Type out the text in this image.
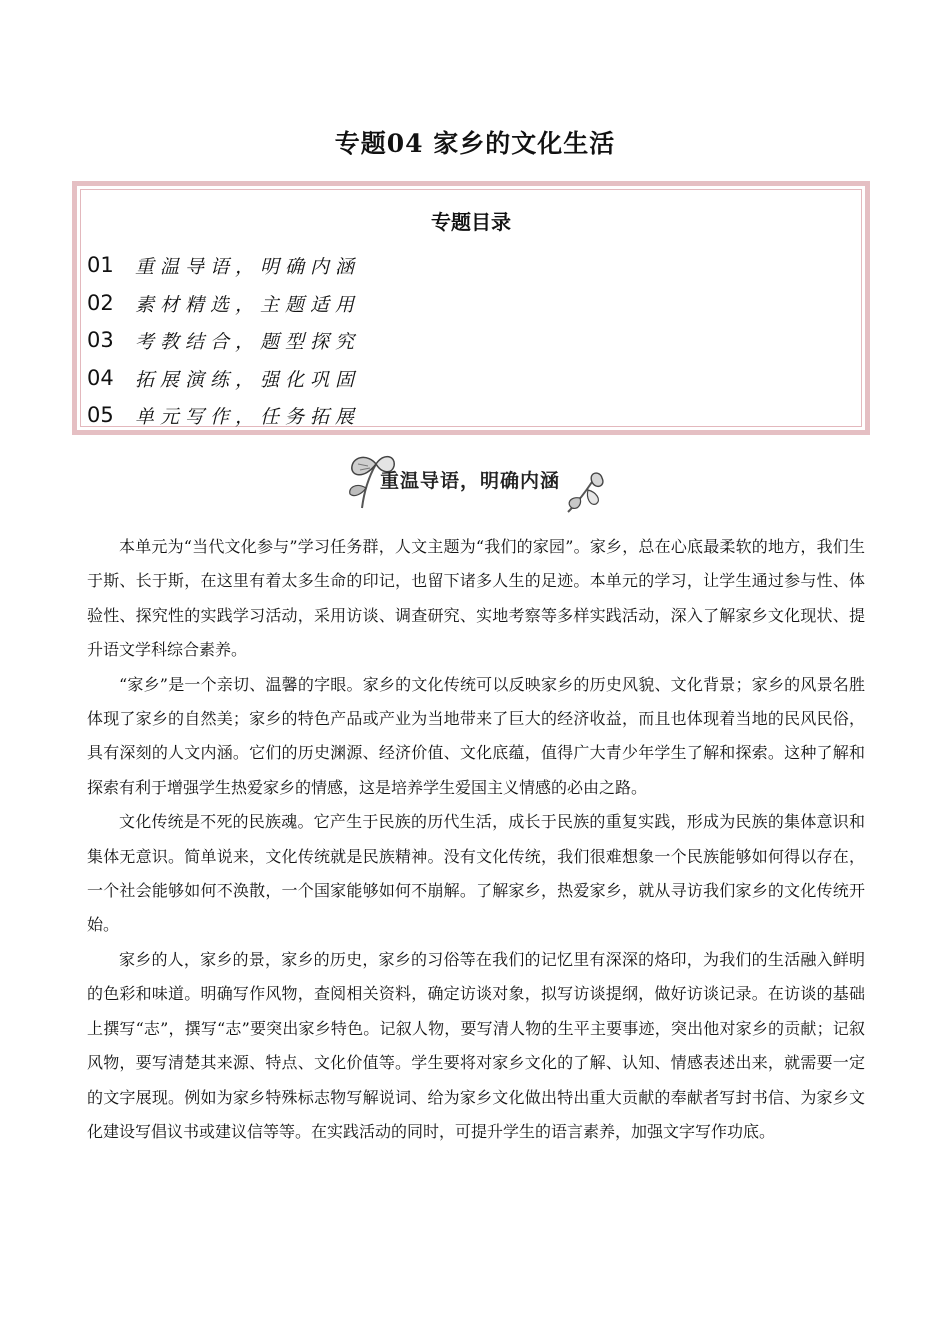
专题04 家乡的文化生活
专题目录
01	重温导语，明确内涵
02	素材精选，主题适用
03	考教结合，题型探究
04	拓展演练，强化巩固
05	单元写作，任务拓展
重温导语，明确内涵

本单元为“当代文化参与”学习任务群，人文主题为“我们的家园”。家乡，总在心底最柔软的地方，我们生于斯、长于斯，在这里有着太多生命的印记，也留下诸多人生的足迹。本单元的学习，让学生通过参与性、体验性、探究性的实践学习活动，采用访谈、调查研究、实地考察等多样实践活动，深入了解家乡文化现状、提升语文学科综合素养。

“家乡”是一个亲切、温馨的字眼。家乡的文化传统可以反映家乡的历史风貌、文化背景；家乡的风景名胜体现了家乡的自然美；家乡的特色产品或产业为当地带来了巨大的经济收益，而且也体现着当地的民风民俗，具有深刻的人文内涵。它们的历史渊源、经济价值、文化底蕴，值得广大青少年学生了解和探索。这种了解和探索有利于增强学生热爱家乡的情感，这是培养学生爱国主义情感的必由之路。

文化传统是不死的民族魂。它产生于民族的历代生活，成长于民族的重复实践，形成为民族的集体意识和集体无意识。简单说来，文化传统就是民族精神。没有文化传统，我们很难想象一个民族能够如何得以存在，一个社会能够如何不涣散，一个国家能够如何不崩解。了解家乡，热爱家乡，就从寻访我们家乡的文化传统开始。

家乡的人，家乡的景，家乡的历史，家乡的习俗等在我们的记忆里有深深的烙印，为我们的生活融入鲜明的色彩和味道。明确写作风物，查阅相关资料，确定访谈对象，拟写访谈提纲，做好访谈记录。在访谈的基础上撰写“志”，撰写“志”要突出家乡特色。记叙人物，要写清人物的生平主要事迹，突出他对家乡的贡献；记叙风物，要写清楚其来源、特点、文化价值等。学生要将对家乡文化的了解、认知、情感表述出来，就需要一定的文字展现。例如为家乡特殊标志物写解说词、给为家乡文化做出特出重大贡献的奉献者写封书信、为家乡文化建设写倡议书或建议信等等。在实践活动的同时，可提升学生的语言素养，加强文字写作功底。
